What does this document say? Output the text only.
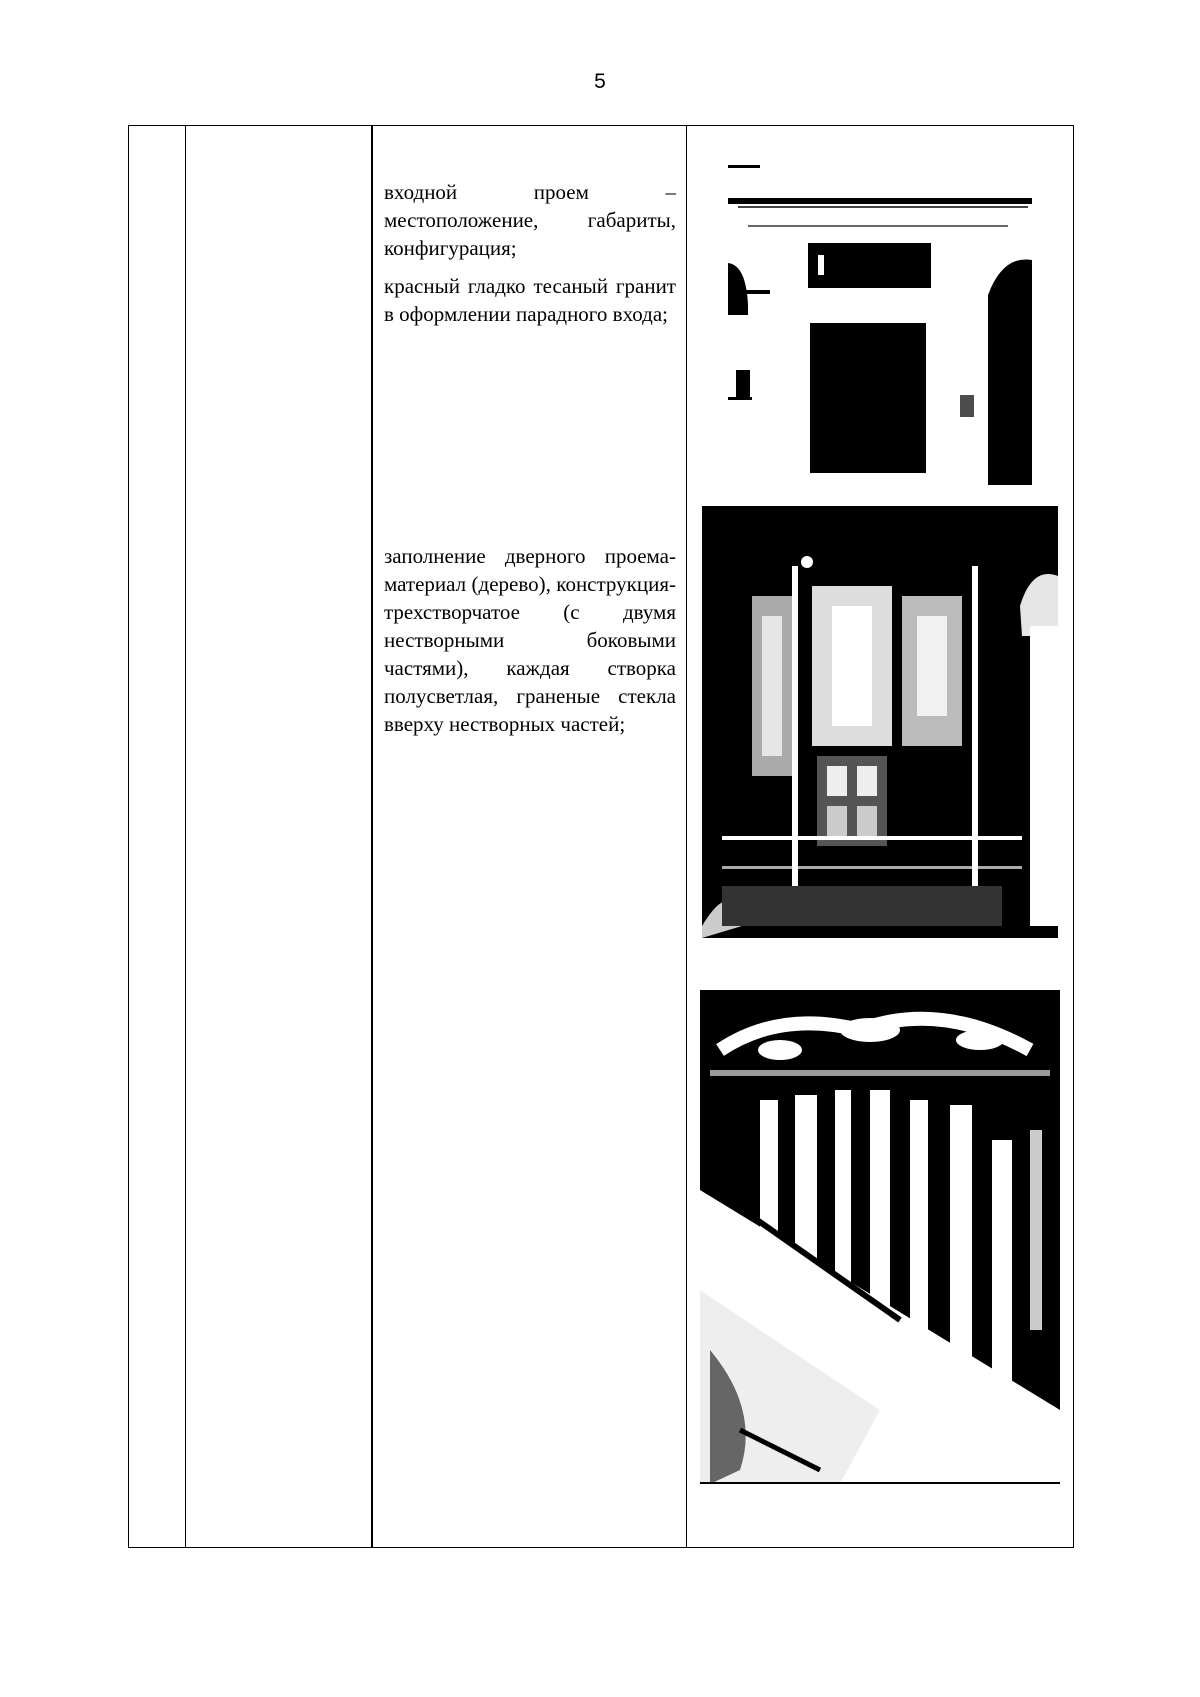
5

входной проем – местоположение, габариты, конфигурация;

красный гладко тесаный гранит в оформлении парадного входа;

заполнение дверного проема-материал (дерево), конструкция-трехстворчатое (с двумя нестворными боковыми частями), каждая створка полусветлая, граненые стекла вверху нестворных частей;
